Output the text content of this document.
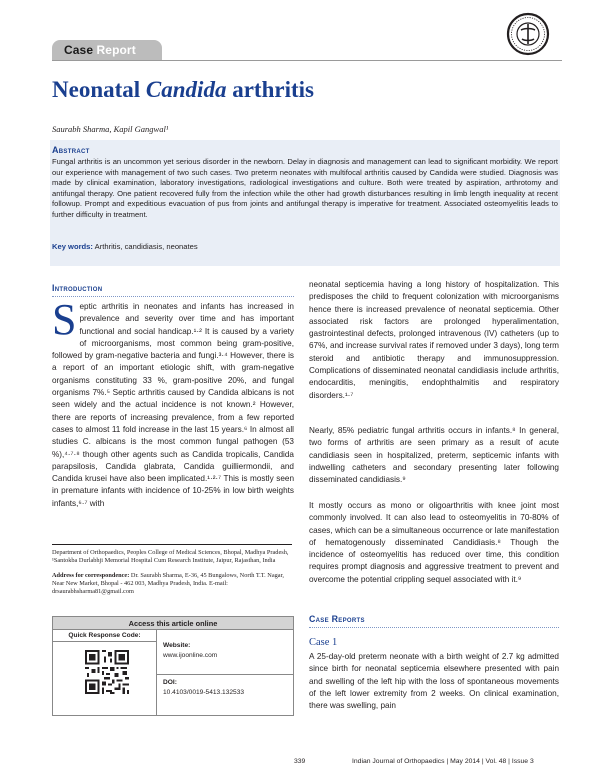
Case Report
Neonatal Candida arthritis
Saurabh Sharma, Kapil Gangwal¹
Abstract
Fungal arthritis is an uncommon yet serious disorder in the newborn. Delay in diagnosis and management can lead to significant morbidity. We report our experience with management of two such cases. Two preterm neonates with multifocal arthritis caused by Candida were studied. Diagnosis was made by clinical examination, laboratory investigations, radiological investigations and culture. Both were treated by aspiration, arthrotomy and antifungal therapy. One patient recovered fully from the infection while the other had growth disturbances resulting in limb length inequality at recent followup. Prompt and expeditious evacuation of pus from joints and antifungal therapy is imperative for treatment. Associated osteomyelitis leads to further difficulty in treatment.
Key words: Arthritis, candidiasis, neonates
Introduction
Septic arthritis in neonates and infants has increased in prevalence and severity over time and has important functional and social handicap.¹·² It is caused by a variety of microorganisms, most common being gram-positive, followed by gram-negative bacteria and fungi.³·⁴ However, there is a report of an important etiologic shift, with gram-negative organisms constituting 33 %, gram-positive 20%, and fungal organisms 7%.⁵ Septic arthritis caused by Candida albicans is not seen widely and the actual incidence is not known.² However, there are reports of increasing prevalence, from a few reported cases to almost 11 fold increase in the last 15 years.⁶ In almost all studies C. albicans is the most common fungal pathogen (53 %),⁴·⁷·⁸ though other agents such as Candida tropicalis, Candida parapsilosis, Candida glabrata, Candida guilliermondii, and Candida krusei have also been implicated.¹·²·⁷ This is mostly seen in premature infants with incidence of 10-25% in low birth weights infants,⁶·⁷ with
Department of Orthopaedics, Peoples College of Medical Sciences, Bhopal, Madhya Pradesh, ¹Santokba Durlabhji Memorial Hospital Cum Research Institute, Jaipur, Rajasthan, India
Address for correspondence: Dr. Saurabh Sharma, E-36, 45 Bungalows, North T.T. Nagar, Near New Market, Bhopal - 462 003, Madhya Pradesh, India. E-mail: drsaurabhsharma81@gmail.com
Access this article online
Quick Response Code:
Website:
www.ijoonline.com
DOI:
10.4103/0019-5413.132533
neonatal septicemia having a long history of hospitalization. This predisposes the child to frequent colonization with microorganisms hence there is increased prevalence of neonatal septicemia. Other associated risk factors are prolonged hyperalimentation, gastrointestinal defects, prolonged intravenous (IV) catheters (up to 67%, and increase survival rates if removed under 3 days), long term steroid and antibiotic therapy and immunosuppression. Complications of disseminated neonatal candidiasis include arthritis, endocarditis, meningitis, endophthalmitis and respiratory disorders.¹·⁷
Nearly, 85% pediatric fungal arthritis occurs in infants.⁸ In general, two forms of arthritis are seen primary as a result of acute candidiasis seen in hospitalized, preterm, septicemic infants with indwelling catheters and secondary presenting later following disseminated candidiasis.⁹
It mostly occurs as mono or oligoarthritis with knee joint most commonly involved. It can also lead to osteomyelitis in 70-80% of cases, which can be a simultaneous occurrence or late manifestation of hematogenously disseminated Candidiasis.⁸ Though the incidence of osteomyelitis has reduced over time, this condition requires prompt diagnosis and aggressive treatment to prevent and overcome the potential crippling sequel associated with it.⁹
Case Reports
Case 1
A 25-day-old preterm neonate with a birth weight of 2.7 kg admitted since birth for neonatal septicemia elsewhere presented with pain and swelling of the left hip with the loss of spontaneous movements of the left lower extremity from 2 weeks. On clinical examination, there was swelling, pain
339	Indian Journal of Orthopaedics | May 2014 | Vol. 48 | Issue 3
